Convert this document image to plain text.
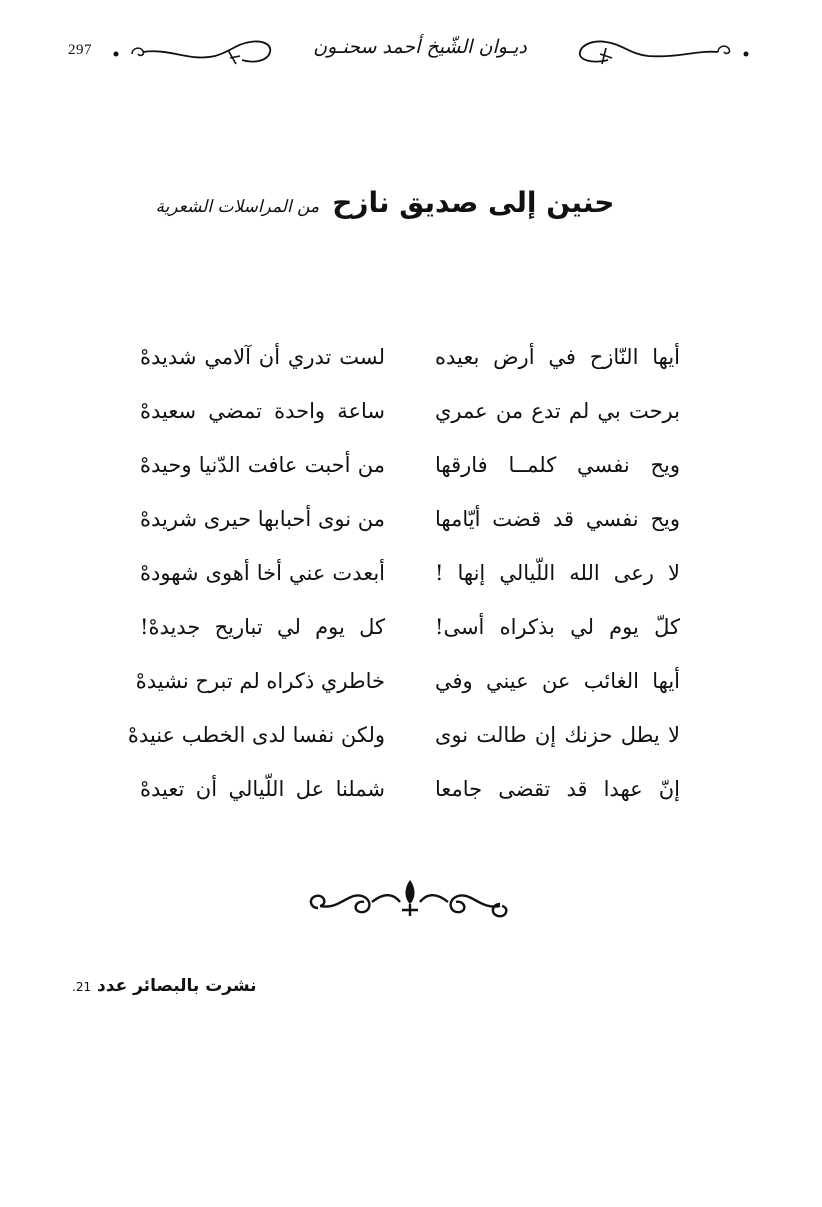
297	ديـوان الشّيخ أحمد سحنـون
حنين إلى صديق نازح من المراسلات الشعرية
أيها النّازح في أرض بعيده
لست تدري أن آلامي شديدهْ
برحت بي لم تدع من عمري
ساعة واحدة تمضي سعيدهْ
ويح نفسي كلمــا فارقها
من أحبت عافت الدّنيا وحيدهْ
ويح نفسي قد قضت أيّامها
من نوى أحبابها حيرى شريدهْ
لا رعى الله اللّيالي إنها !
أبعدت عني أخا أهوى شهودهْ
كلّ يوم لي بذكراه أسى!
كل يوم لي تباريح جديدهْ!
أيها الغائب عن عيني وفي
خاطري ذكراه لم تبرح نشيدهْ
لا يطل حزنك إن طالت نوى
ولكن نفسا لدى الخطب عنيدهْ
إنّ عهدا قد تقضى جامعا
شملنا عل اللّيالي أن تعيدهْ
نشرت بالبصائر عدد 21.
